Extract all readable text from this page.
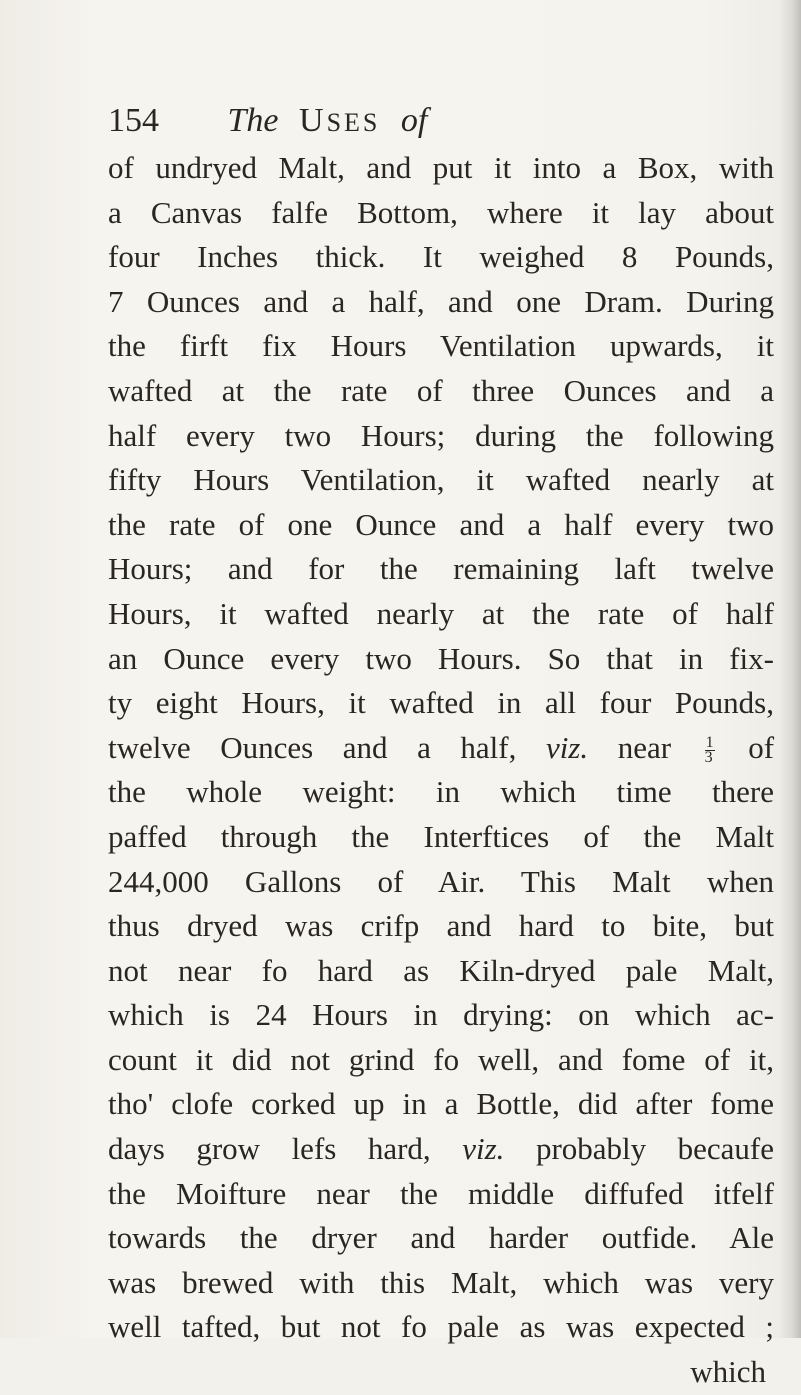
154 The USES of
of undryed Malt, and put it into a Box, with
a Canvas falfe Bottom, where it lay about
four Inches thick. It weighed 8 Pounds,
7 Ounces and a half, and one Dram. During
the firft fix Hours Ventilation upwards, it
wafted at the rate of three Ounces and a
half every two Hours; during the following
fifty Hours Ventilation, it wafted nearly at
the rate of one Ounce and a half every two
Hours; and for the remaining laft twelve
Hours, it wafted nearly at the rate of half
an Ounce every two Hours. So that in fix-
ty eight Hours, it wafted in all four Pounds,
twelve Ounces and a half, viz. near $\frac{1}{3}$ of
the whole weight: in which time there
paffed through the Interftices of the Malt
244,000 Gallons of Air. This Malt when
thus dryed was crifp and hard to bite, but
not near fo hard as Kiln-dryed pale Malt,
which is 24 Hours in drying: on which ac-
count it did not grind fo well, and fome of it,
tho' clofe corked up in a Bottle, did after fome
days grow lefs hard, viz. probably becaufe
the Moifture near the middle diffufed itfelf
towards the dryer and harder outfide. Ale
was brewed with this Malt, which was very
well tafted, but not fo pale as was expected ;
which
